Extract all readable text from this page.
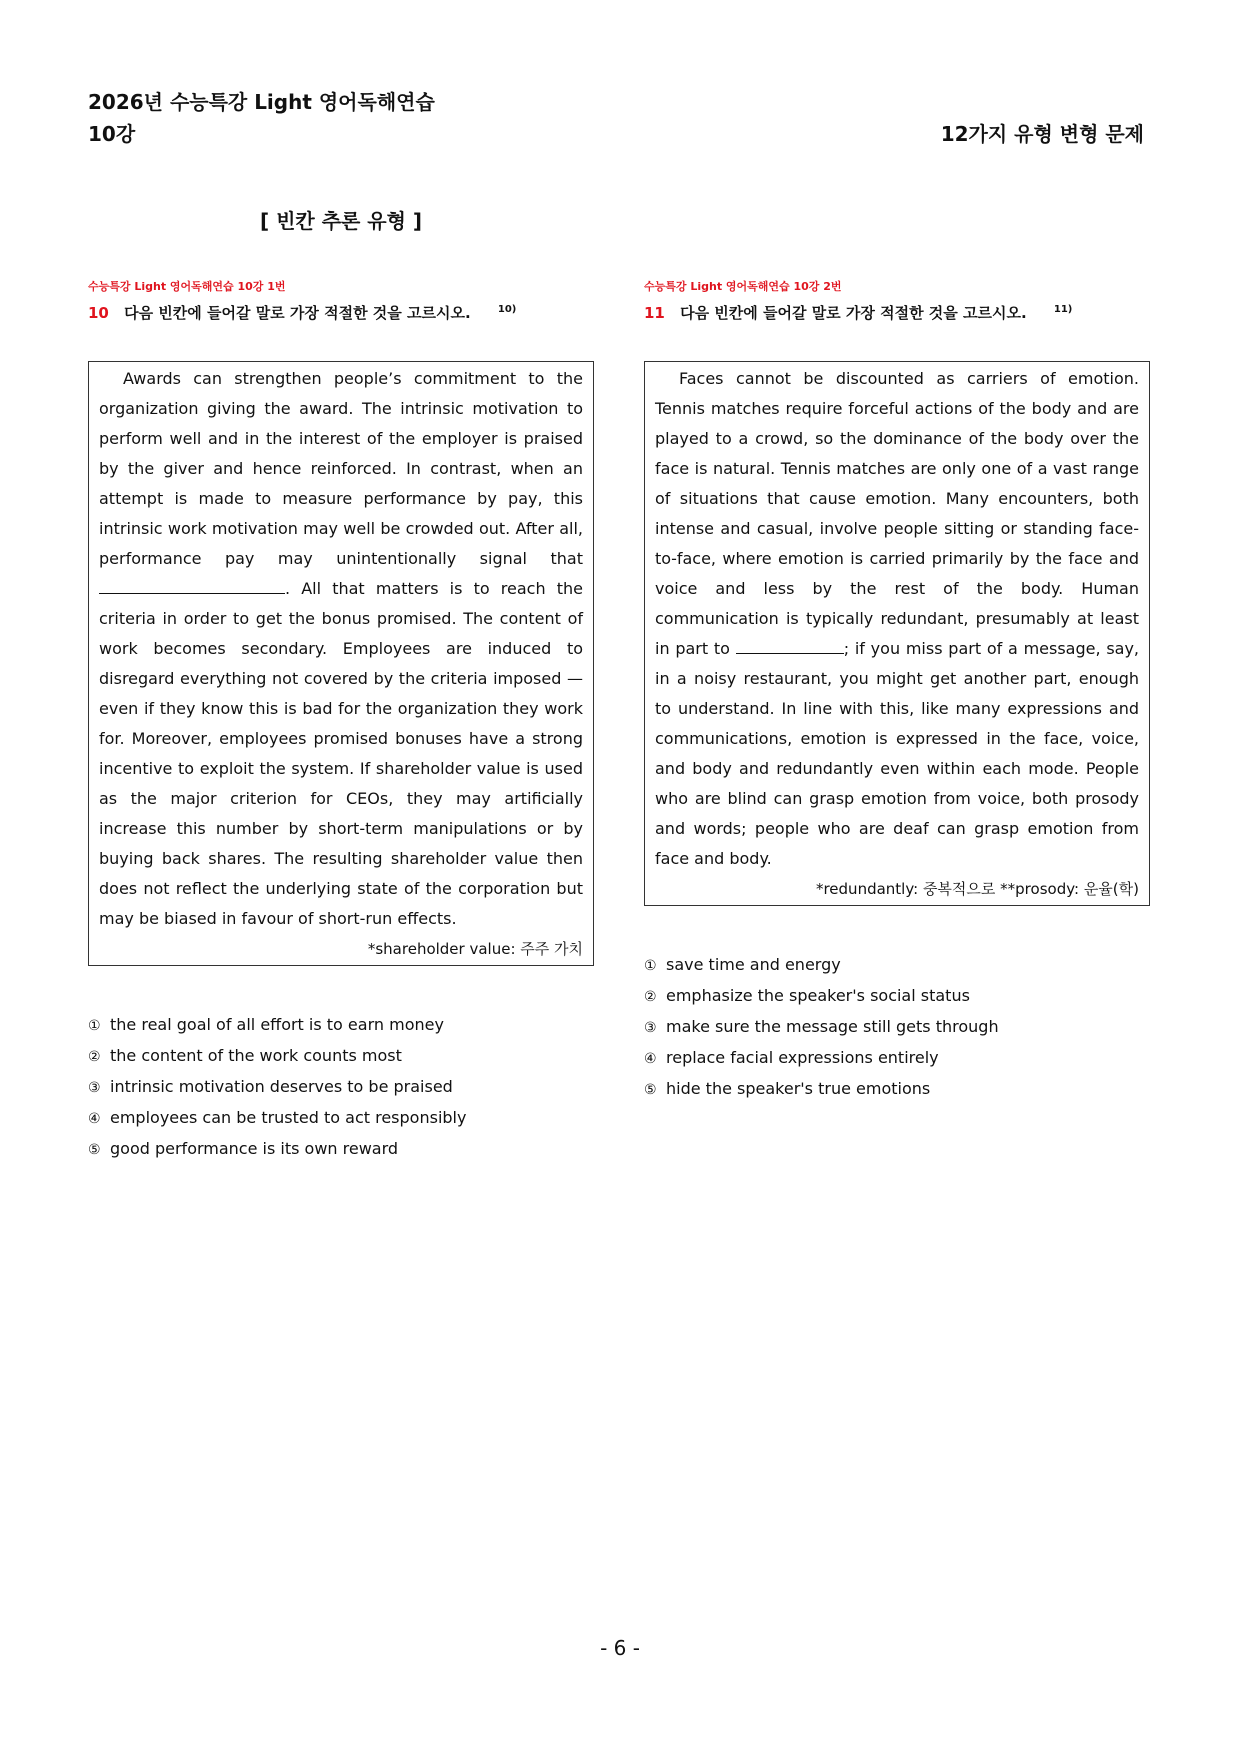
2026년 수능특강 Light 영어독해연습
10강	12가지 유형 변형 문제
[ 빈칸 추론 유형 ]
수능특강 Light 영어독해연습 10강 1번
10 다음 빈칸에 들어갈 말로 가장 적절한 것을 고르시오.	$^{10)}$

Awards can strengthen people’s commitment to the organization giving the award. The intrinsic motivation to perform well and in the interest of the employer is praised by the giver and hence reinforced. In contrast, when an attempt is made to measure performance by pay, this intrinsic work motivation may well be crowded out. After all, performance pay may unintentionally signal that . All that matters is to reach the criteria in order to get the bonus promised. The content of work becomes secondary. Employees are induced to disregard everything not covered by the criteria imposed — even if they know this is bad for the organization they work for. Moreover, employees promised bonuses have a strong incentive to exploit the system. If shareholder value is used as the major criterion for CEOs, they may artificially increase this number by short-term manipulations or by buying back shares. The resulting shareholder value then does not reflect the underlying state of the corporation but may be biased in favour of short-run effects.

*shareholder value: 주주 가치

① the real goal of all effort is to earn money
② the content of the work counts most
③ intrinsic motivation deserves to be praised
④ employees can be trusted to act responsibly
⑤ good performance is its own reward
수능특강 Light 영어독해연습 10강 2번
11 다음 빈칸에 들어갈 말로 가장 적절한 것을 고르시오.	$^{11)}$

Faces cannot be discounted as carriers of emotion. Tennis matches require forceful actions of the body and are played to a crowd, so the dominance of the body over the face is natural. Tennis matches are only one of a vast range of situations that cause emotion. Many encounters, both intense and casual, involve people sitting or standing face‐to‐face, where emotion is carried primarily by the face and voice and less by the rest of the body. Human communication is typically redundant, presumably at least in part to	; if you miss part of a message, say, in a noisy restaurant, you might get another part, enough to understand. In line with this, like many expressions and communications, emotion is expressed in the face, voice, and body and redundantly even within each mode. People who are blind can grasp emotion from voice, both prosody and words; people who are deaf can grasp emotion from face and body.

*redundantly: 중복적으로 **prosody: 운율(학)

① save time and energy
② emphasize the speaker's social status
③ make sure the message still gets through
④ replace facial expressions entirely
⑤ hide the speaker's true emotions
- 6 -
